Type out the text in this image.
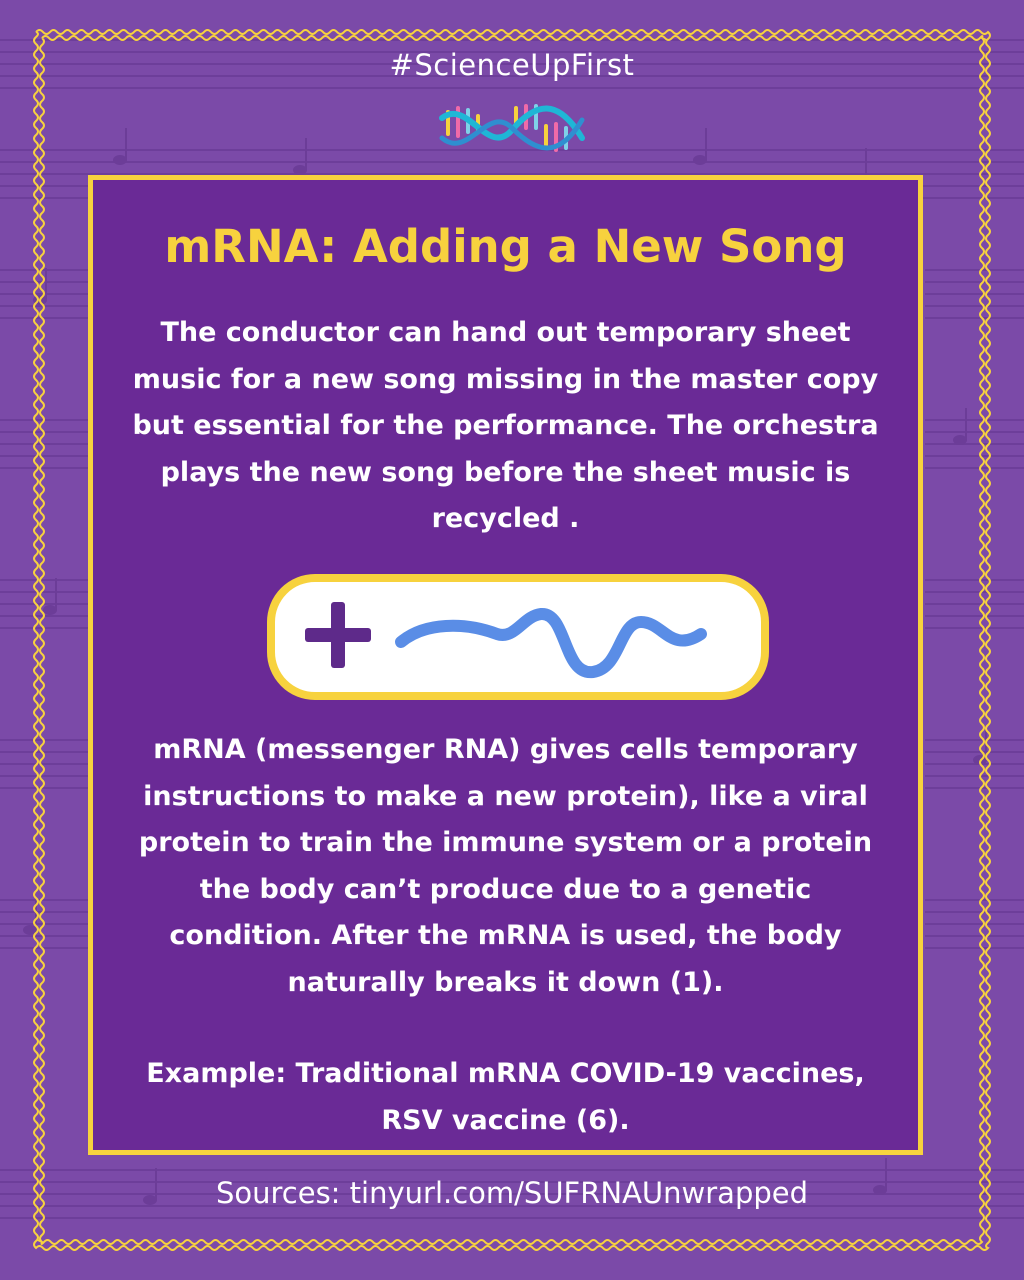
#ScienceUpFirst
mRNA: Adding a New Song

The conductor can hand out temporary sheet music for a new song missing in the master copy but essential for the performance. The orchestra plays the new song before the sheet music is recycled .

mRNA (messenger RNA) gives cells temporary instructions to make a new protein), like a viral protein to train the immune system or a protein the body can’t produce due to a genetic condition. After the mRNA is used, the body naturally breaks it down (1).

Example: Traditional mRNA COVID-19 vaccines, RSV vaccine (6).

Sources: tinyurl.com/SUFRNAUnwrapped
